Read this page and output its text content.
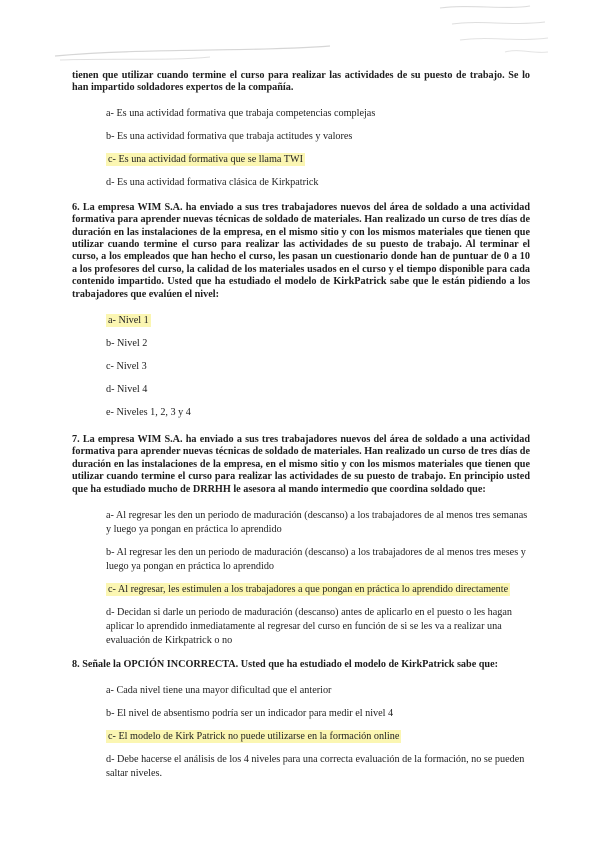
tienen que utilizar cuando termine el curso para realizar las actividades de su puesto de trabajo. Se lo han impartido soldadores expertos de la compañía.

a- Es una actividad formativa que trabaja competencias complejas
b- Es una actividad formativa que trabaja actitudes y valores
c- Es una actividad formativa que se llama TWI
d- Es una actividad formativa clásica de Kirkpatrick

6. La empresa WIM S.A. ha enviado a sus tres trabajadores nuevos del área de soldado a una actividad formativa para aprender nuevas técnicas de soldado de materiales. Han realizado un curso de tres días de duración en las instalaciones de la empresa, en el mismo sitio y con los mismos materiales que tienen que utilizar cuando termine el curso para realizar las actividades de su puesto de trabajo. Al terminar el curso, a los empleados que han hecho el curso, les pasan un cuestionario donde han de puntuar de 0 a 10 a los profesores del curso, la calidad de los materiales usados en el curso y el tiempo disponible para cada contenido impartido. Usted que ha estudiado el modelo de KirkPatrick sabe que le están pidiendo a los trabajadores que evalúen el nivel:

a- Nivel 1
b- Nivel 2
c- Nivel 3
d- Nivel 4
e- Niveles 1, 2, 3 y 4

7. La empresa WIM S.A. ha enviado a sus tres trabajadores nuevos del área de soldado a una actividad formativa para aprender nuevas técnicas de soldado de materiales. Han realizado un curso de tres días de duración en las instalaciones de la empresa, en el mismo sitio y con los mismos materiales que tienen que utilizar cuando termine el curso para realizar las actividades de su puesto de trabajo. En principio usted que ha estudiado mucho de DRRHH le asesora al mando intermedio que coordina soldado que:

a- Al regresar les den un periodo de maduración (descanso) a los trabajadores de al menos tres semanas y luego ya pongan en práctica lo aprendido
b- Al regresar les den un periodo de maduración (descanso) a los trabajadores de al menos tres meses y luego ya pongan en práctica lo aprendido
c- Al regresar, les estimulen a los trabajadores a que pongan en práctica lo aprendido directamente
d- Decidan si darle un periodo de maduración (descanso) antes de aplicarlo en el puesto o les hagan aplicar lo aprendido inmediatamente al regresar del curso en función de si se les va a realizar una evaluación de Kirkpatrick o no

8. Señale la OPCIÓN INCORRECTA. Usted que ha estudiado el modelo de KirkPatrick sabe que:

a- Cada nivel tiene una mayor dificultad que el anterior
b- El nivel de absentismo podría ser un indicador para medir el nivel 4
c- El modelo de Kirk Patrick no puede utilizarse en la formación online
d- Debe hacerse el análisis de los 4 niveles para una correcta evaluación de la formación, no se pueden saltar niveles.
